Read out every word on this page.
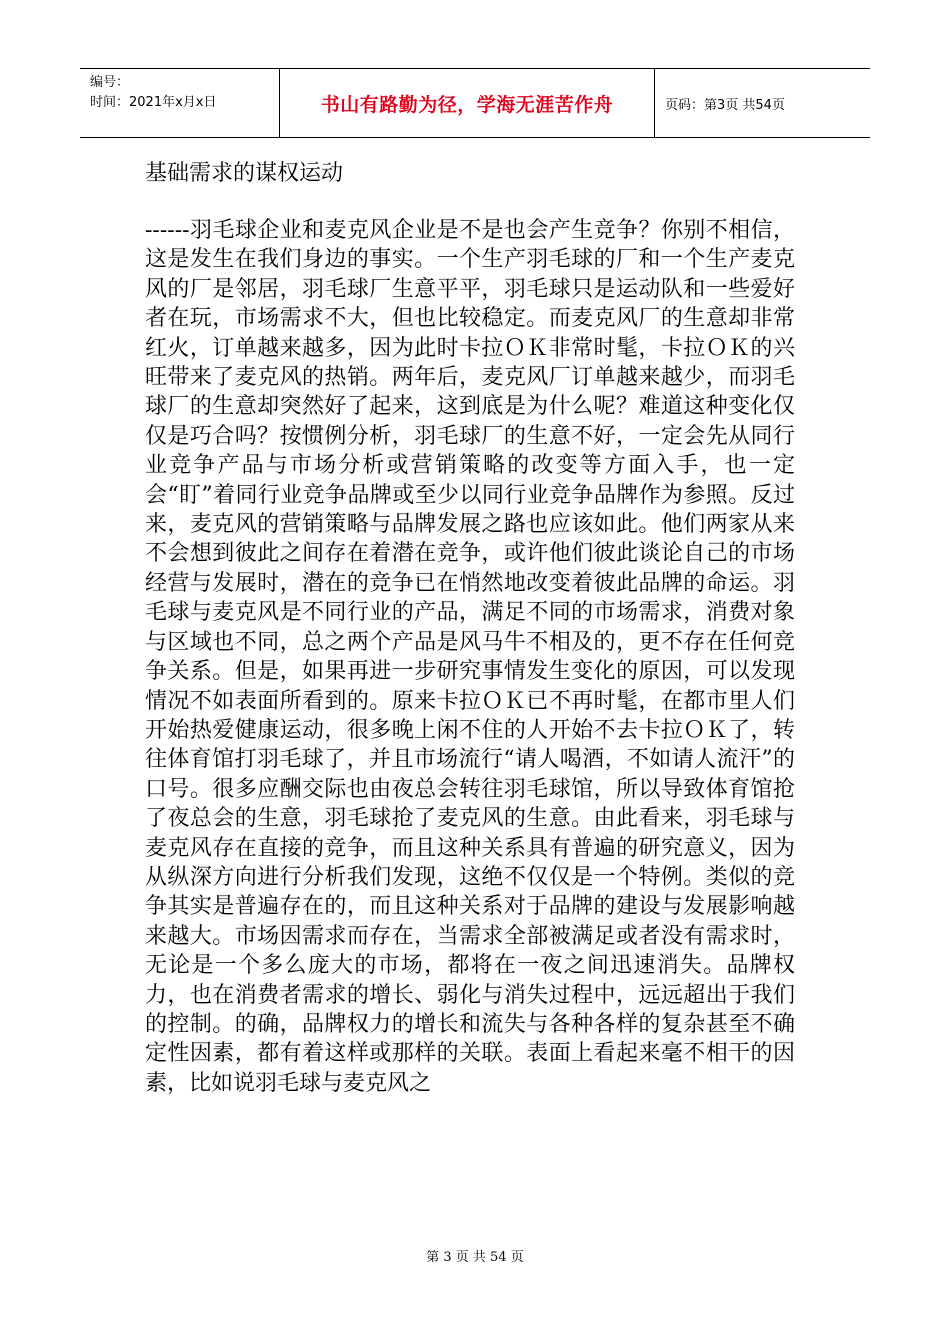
编号：
时间：2021年x月x日	书山有路勤为径，学海无涯苦作舟	页码：第3页 共54页
基础需求的谋权运动

------羽毛球企业和麦克风企业是不是也会产生竞争？你别不相信，这是发生在我们身边的事实。一个生产羽毛球的厂和一个生产麦克风的厂是邻居，羽毛球厂生意平平，羽毛球只是运动队和一些爱好者在玩，市场需求不大，但也比较稳定。而麦克风厂的生意却非常红火，订单越来越多，因为此时卡拉ＯＫ非常时髦，卡拉ＯＫ的兴旺带来了麦克风的热销。两年后，麦克风厂订单越来越少，而羽毛球厂的生意却突然好了起来，这到底是为什么呢？难道这种变化仅仅是巧合吗？按惯例分析，羽毛球厂的生意不好，一定会先从同行业竞争产品与市场分析或营销策略的改变等方面入手，也一定会“盯”着同行业竞争品牌或至少以同行业竞争品牌作为参照。反过来，麦克风的营销策略与品牌发展之路也应该如此。他们两家从来不会想到彼此之间存在着潜在竞争，或许他们彼此谈论自己的市场经营与发展时，潜在的竞争已在悄然地改变着彼此品牌的命运。羽毛球与麦克风是不同行业的产品，满足不同的市场需求，消费对象与区域也不同，总之两个产品是风马牛不相及的，更不存在任何竞争关系。但是，如果再进一步研究事情发生变化的原因，可以发现情况不如表面所看到的。原来卡拉ＯＫ已不再时髦，在都市里人们开始热爱健康运动，很多晚上闲不住的人开始不去卡拉ＯＫ了，转往体育馆打羽毛球了，并且市场流行“请人喝酒，不如请人流汗”的口号。很多应酬交际也由夜总会转往羽毛球馆，所以导致体育馆抢了夜总会的生意，羽毛球抢了麦克风的生意。由此看来，羽毛球与麦克风存在直接的竞争，而且这种关系具有普遍的研究意义，因为从纵深方向进行分析我们发现，这绝不仅仅是一个特例。类似的竞争其实是普遍存在的，而且这种关系对于品牌的建设与发展影响越来越大。市场因需求而存在，当需求全部被满足或者没有需求时，无论是一个多么庞大的市场，都将在一夜之间迅速消失。品牌权力，也在消费者需求的增长、弱化与消失过程中，远远超出于我们的控制。的确，品牌权力的增长和流失与各种各样的复杂甚至不确定性因素，都有着这样或那样的关联。表面上看起来毫不相干的因素，比如说羽毛球与麦克风之

第 3 页 共 54 页
